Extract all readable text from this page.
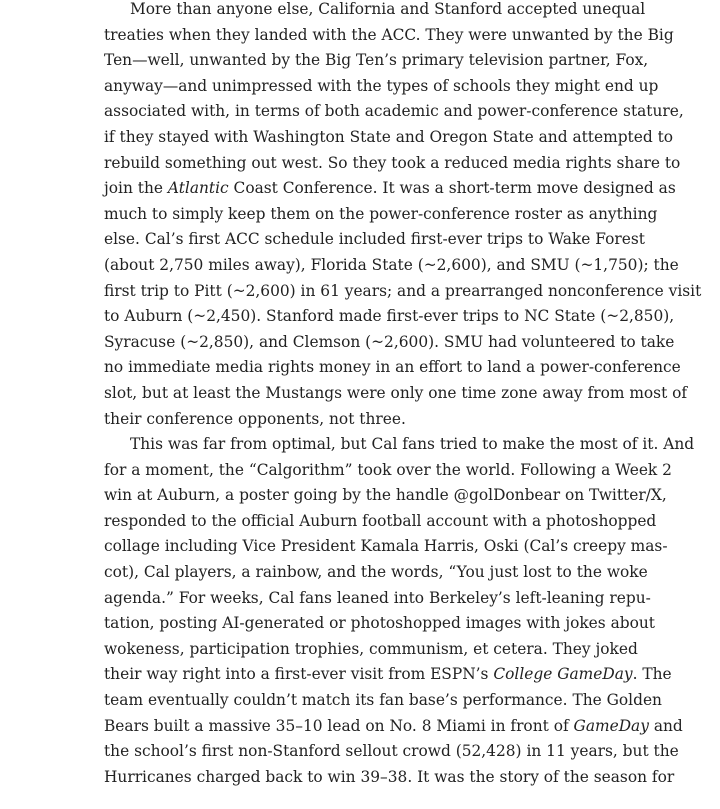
More than anyone else, California and Stanford accepted unequal
treaties when they landed with the ACC. They were unwanted by the Big
Ten—well, unwanted by the Big Ten’s primary television partner, Fox,
anyway—and unimpressed with the types of schools they might end up
associated with, in terms of both academic and power-conference stature,
if they stayed with Washington State and Oregon State and attempted to
rebuild something out west. So they took a reduced media rights share to
join the Atlantic Coast Conference. It was a short-term move designed as
much to simply keep them on the power-conference roster as anything
else. Cal’s first ACC schedule included first-ever trips to Wake Forest
(about 2,750 miles away), Florida State (~2,600), and SMU (~1,750); the
first trip to Pitt (~2,600) in 61 years; and a prearranged nonconference visit
to Auburn (~2,450). Stanford made first-ever trips to NC State (~2,850),
Syracuse (~2,850), and Clemson (~2,600). SMU had volunteered to take
no immediate media rights money in an effort to land a power-conference
slot, but at least the Mustangs were only one time zone away from most of
their conference opponents, not three.
This was far from optimal, but Cal fans tried to make the most of it. And
for a moment, the “Calgorithm” took over the world. Following a Week 2
win at Auburn, a poster going by the handle @golDonbear on Twitter/X,
responded to the official Auburn football account with a photoshopped
collage including Vice President Kamala Harris, Oski (Cal’s creepy mas-
cot), Cal players, a rainbow, and the words, “You just lost to the woke
agenda.” For weeks, Cal fans leaned into Berkeley’s left-leaning repu-
tation, posting AI-generated or photoshopped images with jokes about
wokeness, participation trophies, communism, et cetera. They joked
their way right into a first-ever visit from ESPN’s College GameDay. The
team eventually couldn’t match its fan base’s performance. The Golden
Bears built a massive 35–10 lead on No. 8 Miami in front of GameDay and
the school’s first non-Stanford sellout crowd (52,428) in 11 years, but the
Hurricanes charged back to win 39–38. It was the story of the season for
